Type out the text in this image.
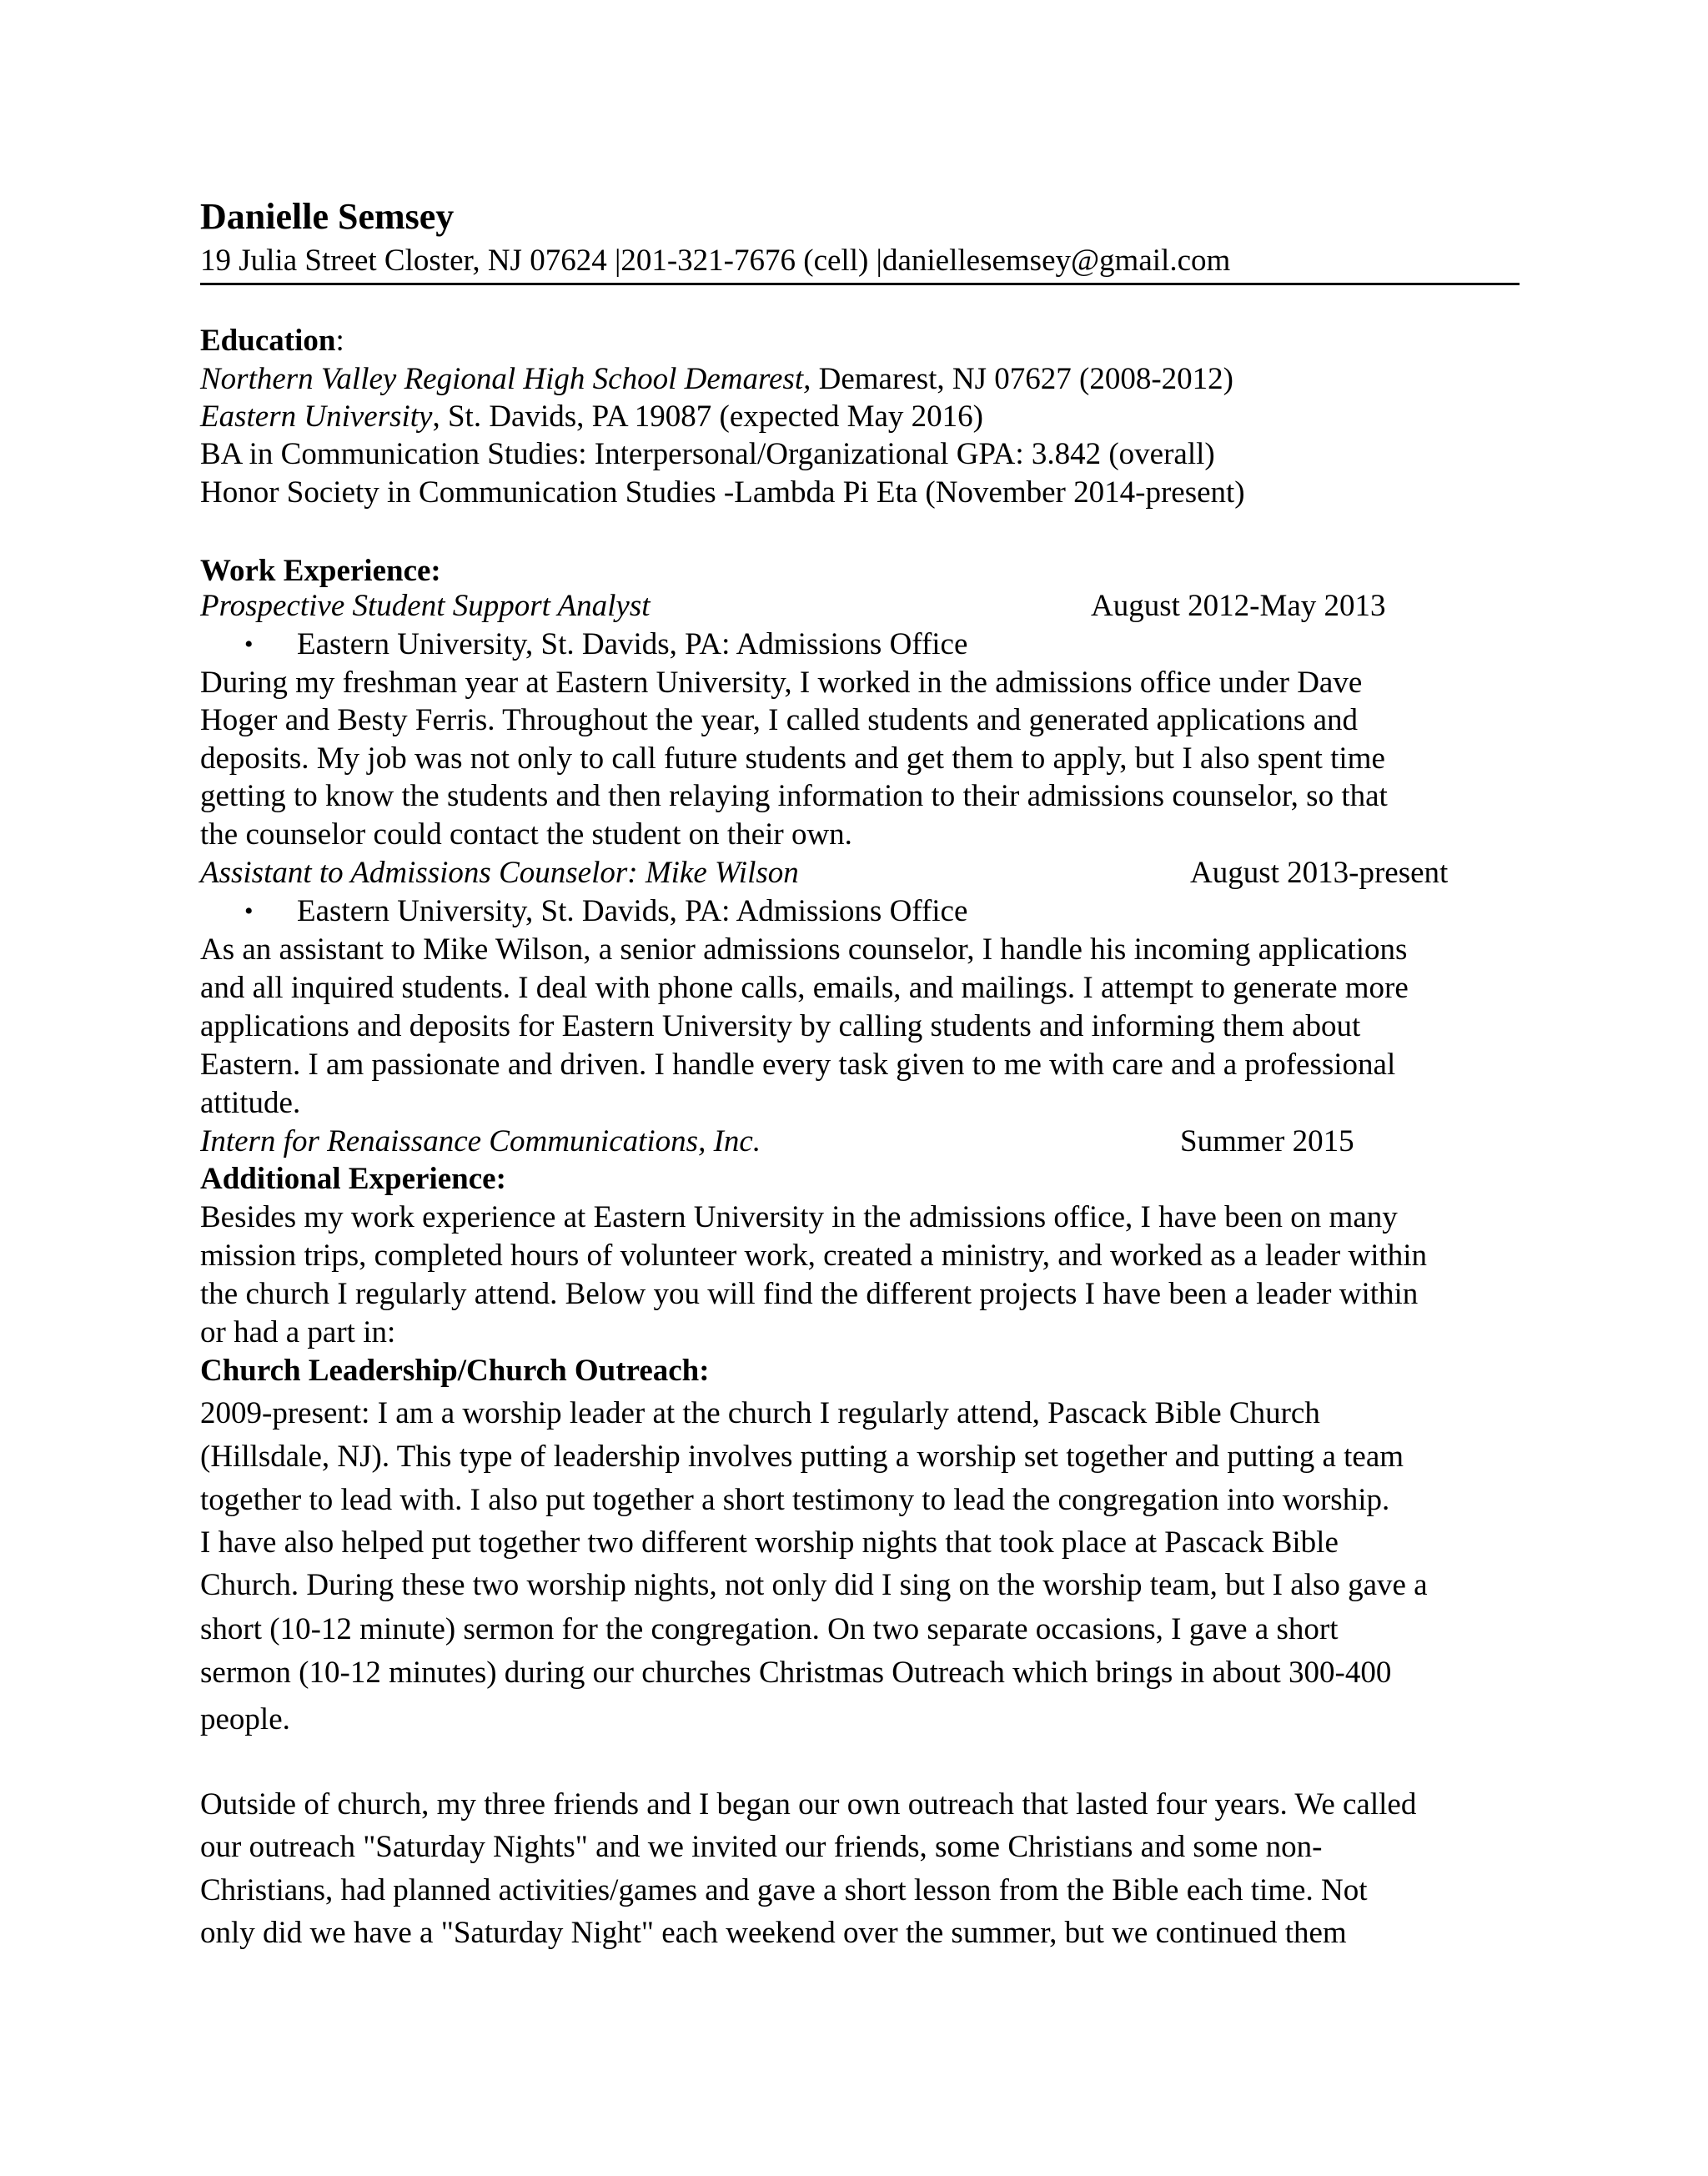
Danielle Semsey
19 Julia Street Closter, NJ 07624 |201-321-7676 (cell) |daniellesemsey@gmail.com
Education:
Northern Valley Regional High School Demarest, Demarest, NJ 07627 (2008-2012)
Eastern University, St. Davids, PA 19087 (expected May 2016)
BA in Communication Studies: Interpersonal/Organizational GPA: 3.842 (overall)
Honor Society in Communication Studies -Lambda Pi Eta (November 2014-present)
Work Experience:
Prospective Student Support Analyst	August 2012-May 2013
• Eastern University, St. Davids, PA: Admissions Office
During my freshman year at Eastern University, I worked in the admissions office under Dave
Hoger and Besty Ferris. Throughout the year, I called students and generated applications and
deposits. My job was not only to call future students and get them to apply, but I also spent time
getting to know the students and then relaying information to their admissions counselor, so that
the counselor could contact the student on their own.
Assistant to Admissions Counselor: Mike Wilson	August 2013-present
• Eastern University, St. Davids, PA: Admissions Office
As an assistant to Mike Wilson, a senior admissions counselor, I handle his incoming applications
and all inquired students. I deal with phone calls, emails, and mailings. I attempt to generate more
applications and deposits for Eastern University by calling students and informing them about
Eastern. I am passionate and driven. I handle every task given to me with care and a professional
attitude.
Intern for Renaissance Communications, Inc.	Summer 2015
Additional Experience:
Besides my work experience at Eastern University in the admissions office, I have been on many
mission trips, completed hours of volunteer work, created a ministry, and worked as a leader within
the church I regularly attend. Below you will find the different projects I have been a leader within
or had a part in:
Church Leadership/Church Outreach:
2009-present: I am a worship leader at the church I regularly attend, Pascack Bible Church
(Hillsdale, NJ). This type of leadership involves putting a worship set together and putting a team
together to lead with. I also put together a short testimony to lead the congregation into worship.
I have also helped put together two different worship nights that took place at Pascack Bible
Church. During these two worship nights, not only did I sing on the worship team, but I also gave a
short (10-12 minute) sermon for the congregation. On two separate occasions, I gave a short
sermon (10-12 minutes) during our churches Christmas Outreach which brings in about 300-400
people.
Outside of church, my three friends and I began our own outreach that lasted four years. We called
our outreach "Saturday Nights" and we invited our friends, some Christians and some non-
Christians, had planned activities/games and gave a short lesson from the Bible each time. Not
only did we have a "Saturday Night" each weekend over the summer, but we continued them
